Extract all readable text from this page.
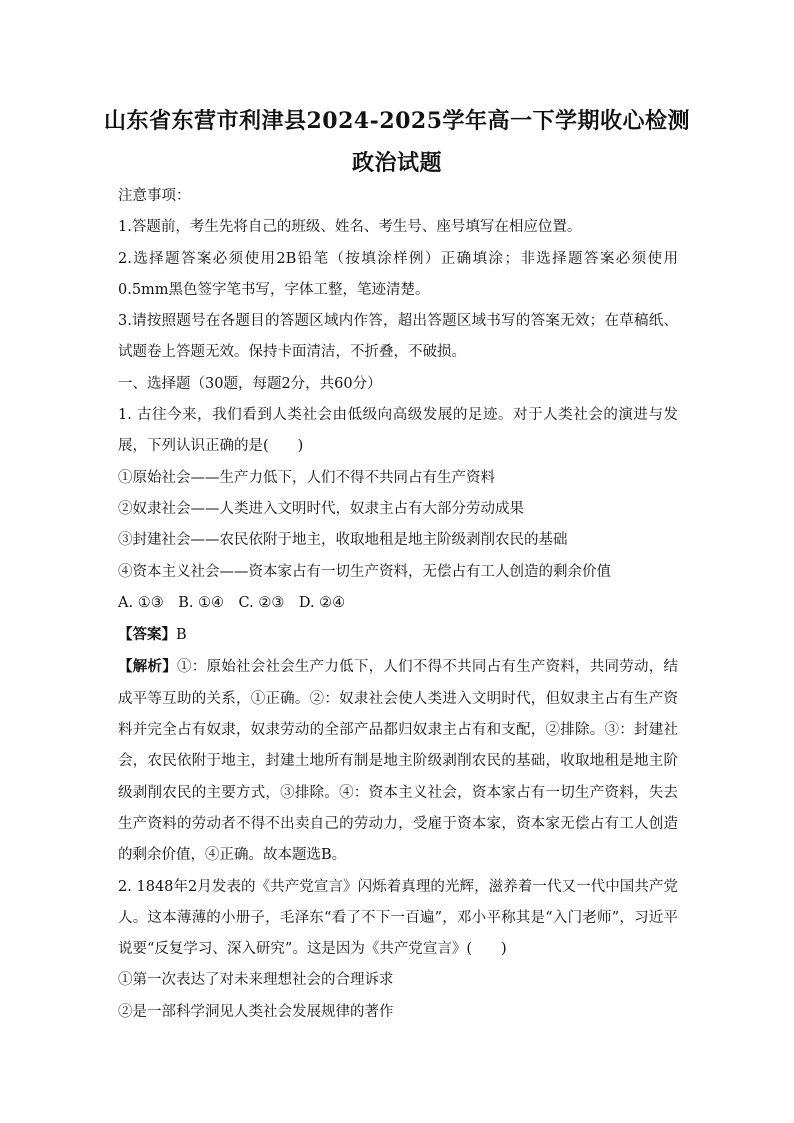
山东省东营市利津县2024-2025学年高一下学期收心检测
政治试题

注意事项：

1.答题前，考生先将自己的班级、姓名、考生号、座号填写在相应位置。

2.选择题答案必须使用2B铅笔（按填涂样例）正确填涂；非选择题答案必须使用0.5mm黑色签字笔书写，字体工整，笔迹清楚。

3.请按照题号在各题目的答题区域内作答，超出答题区域书写的答案无效；在草稿纸、试题卷上答题无效。保持卡面清洁，不折叠，不破损。

一、选择题（30题，每题2分，共60分）

1. 古往今来，我们看到人类社会由低级向高级发展的足迹。对于人类社会的演进与发展，下列认识正确的是(　　)

①原始社会——生产力低下，人们不得不共同占有生产资料

②奴隶社会——人类进入文明时代，奴隶主占有大部分劳动成果

③封建社会——农民依附于地主，收取地租是地主阶级剥削农民的基础

④资本主义社会——资本家占有一切生产资料，无偿占有工人创造的剩余价值

A. ①③　B. ①④　C. ②③　D. ②④

【答案】B

【解析】①：原始社会社会生产力低下，人们不得不共同占有生产资料，共同劳动，结成平等互助的关系，①正确。②：奴隶社会使人类进入文明时代，但奴隶主占有生产资料并完全占有奴隶，奴隶劳动的全部产品都归奴隶主占有和支配，②排除。③：封建社会，农民依附于地主，封建土地所有制是地主阶级剥削农民的基础，收取地租是地主阶级剥削农民的主要方式，③排除。④：资本主义社会，资本家占有一切生产资料，失去生产资料的劳动者不得不出卖自己的劳动力，受雇于资本家，资本家无偿占有工人创造的剩余价值，④正确。故本题选B。

2. 1848年2月发表的《共产党宣言》闪烁着真理的光辉，滋养着一代又一代中国共产党人。这本薄薄的小册子，毛泽东“看了不下一百遍”，邓小平称其是“入门老师”，习近平说要“反复学习、深入研究”。这是因为《共产党宣言》(　　)

①第一次表达了对未来理想社会的合理诉求

②是一部科学洞见人类社会发展规律的著作
